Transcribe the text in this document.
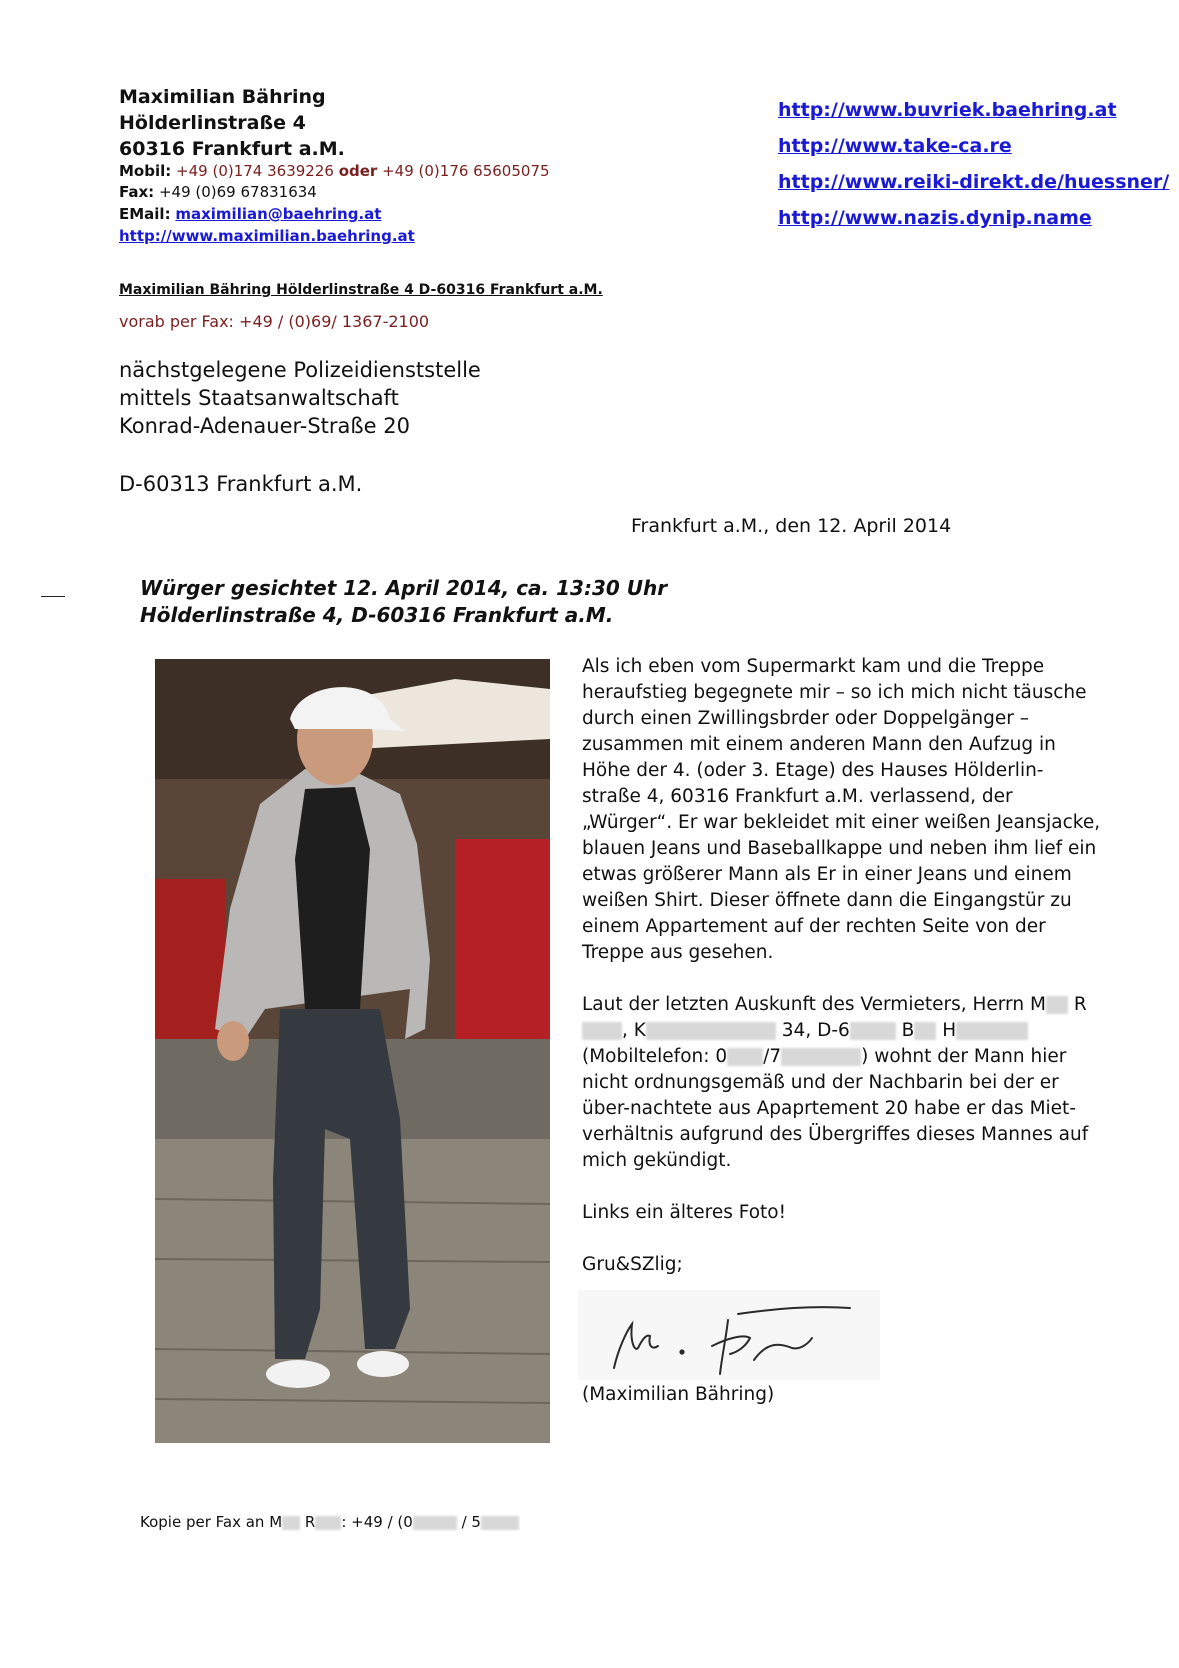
Maximilian Bähring
Hölderlinstraße 4
60316 Frankfurt a.M.
Mobil: +49 (0)174 3639226 oder +49 (0)176 65605075
Fax: +49 (0)69 67831634
EMail: maximilian@baehring.at
http://www.maximilian.baehring.at
http://www.buvriek.baehring.at
http://www.take-ca.re
http://www.reiki-direkt.de/huessner/
http://www.nazis.dynip.name
Maximilian Bähring Hölderlinstraße 4 D-60316 Frankfurt a.M.
vorab per Fax: +49 / (0)69/ 1367-2100
nächstgelegene Polizeidienststelle
mittels Staatsanwaltschaft
Konrad-Adenauer-Straße 20
D-60313 Frankfurt a.M.
Frankfurt a.M., den 12. April 2014
Würger gesichtet 12. April 2014, ca. 13:30 Uhr
Hölderlinstraße 4, D-60316 Frankfurt a.M.

Als ich eben vom Supermarkt kam und die Treppe heraufstieg begegnete mir – so ich mich nicht täusche durch einen Zwillingsbrder oder Doppelgänger – zusammen mit einem anderen Mann den Aufzug in Höhe der 4. (oder 3. Etage) des Hauses Hölderlin-straße 4, 60316 Frankfurt a.M. verlassend, der „Würger“. Er war bekleidet mit einer weißen Jeansjacke, blauen Jeans und Baseballkappe und neben ihm lief ein etwas größerer Mann als Er in einer Jeans und einem weißen Shirt. Dieser öffnete dann die Eingangstür zu einem Appartement auf der rechten Seite von der Treppe aus gesehen.

Laut der letzten Auskunft des Vermieters, Herrn M R, K	34, D-6 B H (Mobiltelefon: 0 /7	) wohnt der Mann hier nicht ordnungsgemäß und der Nachbarin bei der er über-nachtete aus Apaprtement 20 habe er das Miet-verhältnis aufgrund des Übergriffes dieses Mannes auf mich gekündigt.

Links ein älteres Foto!

Gru&SZlig;

(Maximilian Bähring)
Kopie per Fax an M R : +49 / (0	/ 5
